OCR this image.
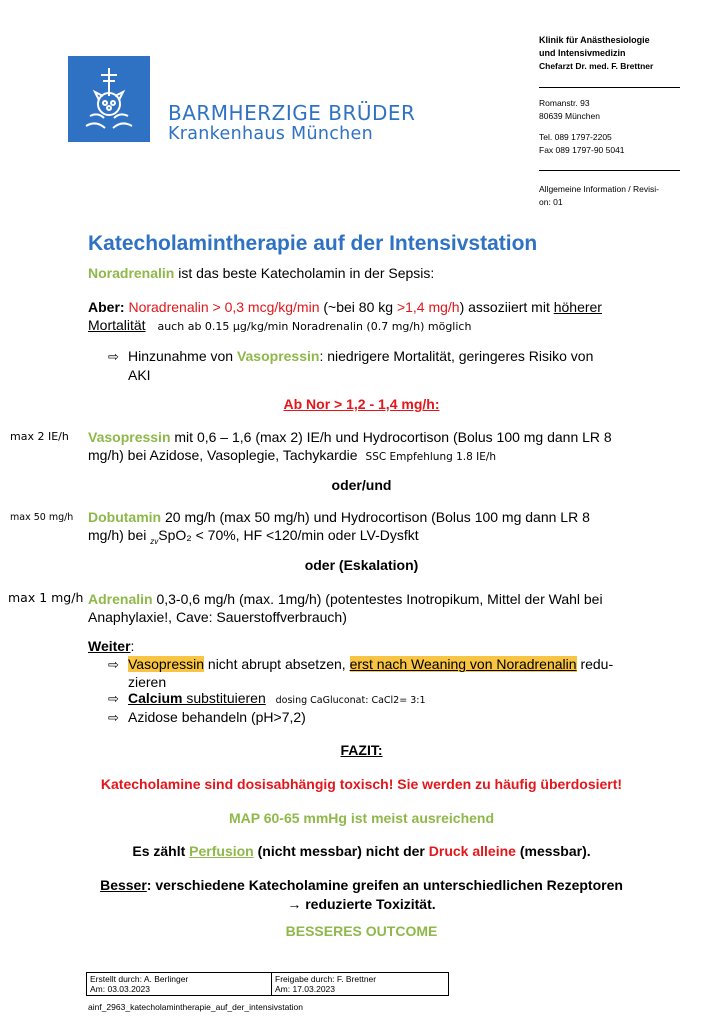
BARMHERZIGE BRÜDER
Krankenhaus München
Klinik für Anästhesiologie
und Intensivmedizin
Chefarzt Dr. med. F. Brettner
Romanstr. 93
80639 München
Tel. 089 1797-2205
Fax 089 1797-90 5041
Allgemeine Information / Revisi-
on: 01
Katecholamintherapie auf der Intensivstation
Noradrenalin ist das beste Katecholamin in der Sepsis:
Aber: Noradrenalin > 0,3 mcg/kg/min (~bei 80 kg >1,4 mg/h) assoziiert mit höherer
Mortalität auch ab 0.15 µg/kg/min Noradrenalin (0.7 mg/h) möglich
⇨ Hinzunahme von Vasopressin: niedrigere Mortalität, geringeres Risiko von
AKI
Ab Nor > 1,2 - 1,4 mg/h:
max 2 IE/h Vasopressin mit 0,6 – 1,6 (max 2) IE/h und Hydrocortison (Bolus 100 mg dann LR 8
mg/h) bei Azidose, Vasoplegie, Tachykardie SSC Empfehlung 1.8 IE/h
oder/und
max 50 mg/h Dobutamin 20 mg/h (max 50 mg/h) und Hydrocortison (Bolus 100 mg dann LR 8
mg/h) bei $_{zv}$SpO₂ < 70%, HF <120/min oder LV-Dysfkt
oder (Eskalation)
max 1 mg/h Adrenalin 0,3-0,6 mg/h (max. 1mg/h) (potentestes Inotropikum, Mittel der Wahl bei
Anaphylaxie!, Cave: Sauerstoffverbrauch)
Weiter:
⇨ Vasopressin nicht abrupt absetzen, erst nach Weaning von Noradrenalin redu-
zieren
⇨ Calcium substituieren dosing CaGluconat: CaCl2= 3:1
⇨ Azidose behandeln (pH>7,2)
FAZIT:
Katecholamine sind dosisabhängig toxisch! Sie werden zu häufig überdosiert!
MAP 60-65 mmHg ist meist ausreichend
Es zählt Perfusion (nicht messbar) nicht der Druck alleine (messbar).
Besser: verschiedene Katecholamine greifen an unterschiedlichen Rezeptoren
→ reduzierte Toxizität.
BESSERES OUTCOME
Erstellt durch: A. Berlinger
Am: 03.03.2023

Freigabe durch: F. Brettner
Am: 17.03.2023
ainf_2963_katecholamintherapie_auf_der_intensivstation
